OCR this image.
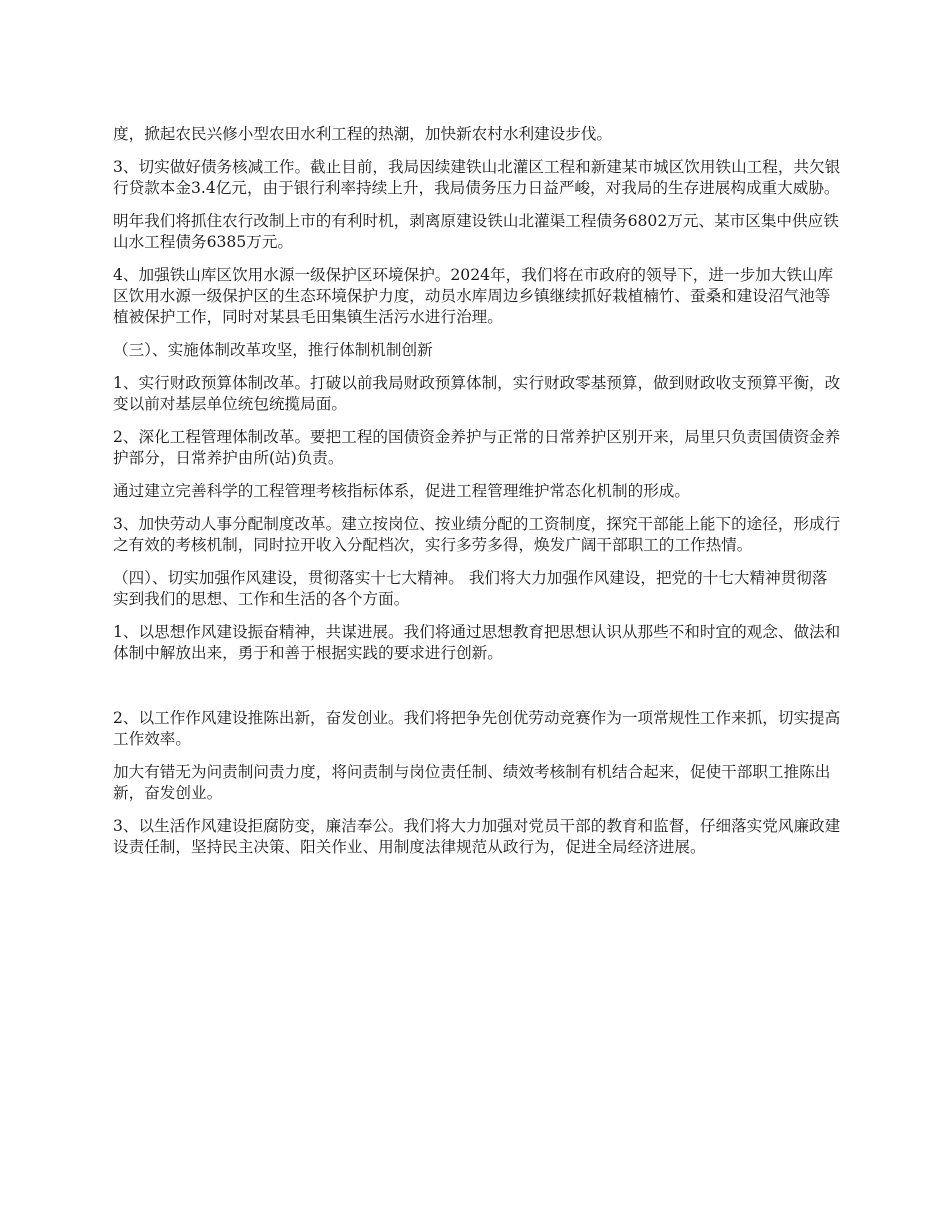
度，掀起农民兴修小型农田水利工程的热潮，加快新农村水利建设步伐。

3、切实做好债务核减工作。截止目前，我局因续建铁山北灌区工程和新建某市城区饮用铁山工程，共欠银行贷款本金3.4亿元，由于银行利率持续上升，我局债务压力日益严峻，对我局的生存进展构成重大威胁。

明年我们将抓住农行改制上市的有利时机，剥离原建设铁山北灌渠工程债务6802万元、某市区集中供应铁山水工程债务6385万元。

4、加强铁山库区饮用水源一级保护区环境保护。2024年，我们将在市政府的领导下，进一步加大铁山库区饮用水源一级保护区的生态环境保护力度，动员水库周边乡镇继续抓好栽植楠竹、蚕桑和建设沼气池等植被保护工作，同时对某县毛田集镇生活污水进行治理。

（三）、实施体制改革攻坚，推行体制机制创新

1、实行财政预算体制改革。打破以前我局财政预算体制，实行财政零基预算，做到财政收支预算平衡，改变以前对基层单位统包统揽局面。

2、深化工程管理体制改革。要把工程的国债资金养护与正常的日常养护区别开来，局里只负责国债资金养护部分，日常养护由所(站)负责。

通过建立完善科学的工程管理考核指标体系，促进工程管理维护常态化机制的形成。

3、加快劳动人事分配制度改革。建立按岗位、按业绩分配的工资制度，探究干部能上能下的途径，形成行之有效的考核机制，同时拉开收入分配档次，实行多劳多得，焕发广阔干部职工的工作热情。

（四）、切实加强作风建设，贯彻落实十七大精神。 我们将大力加强作风建设，把党的十七大精神贯彻落实到我们的思想、工作和生活的各个方面。

1、以思想作风建设振奋精神，共谋进展。我们将通过思想教育把思想认识从那些不和时宜的观念、做法和体制中解放出来，勇于和善于根据实践的要求进行创新。

2、以工作作风建设推陈出新，奋发创业。我们将把争先创优劳动竞赛作为一项常规性工作来抓，切实提高工作效率。

加大有错无为问责制问责力度，将问责制与岗位责任制、绩效考核制有机结合起来，促使干部职工推陈出新，奋发创业。

3、以生活作风建设拒腐防变，廉洁奉公。我们将大力加强对党员干部的教育和监督，仔细落实党风廉政建设责任制，坚持民主决策、阳关作业、用制度法律规范从政行为，促进全局经济进展。
